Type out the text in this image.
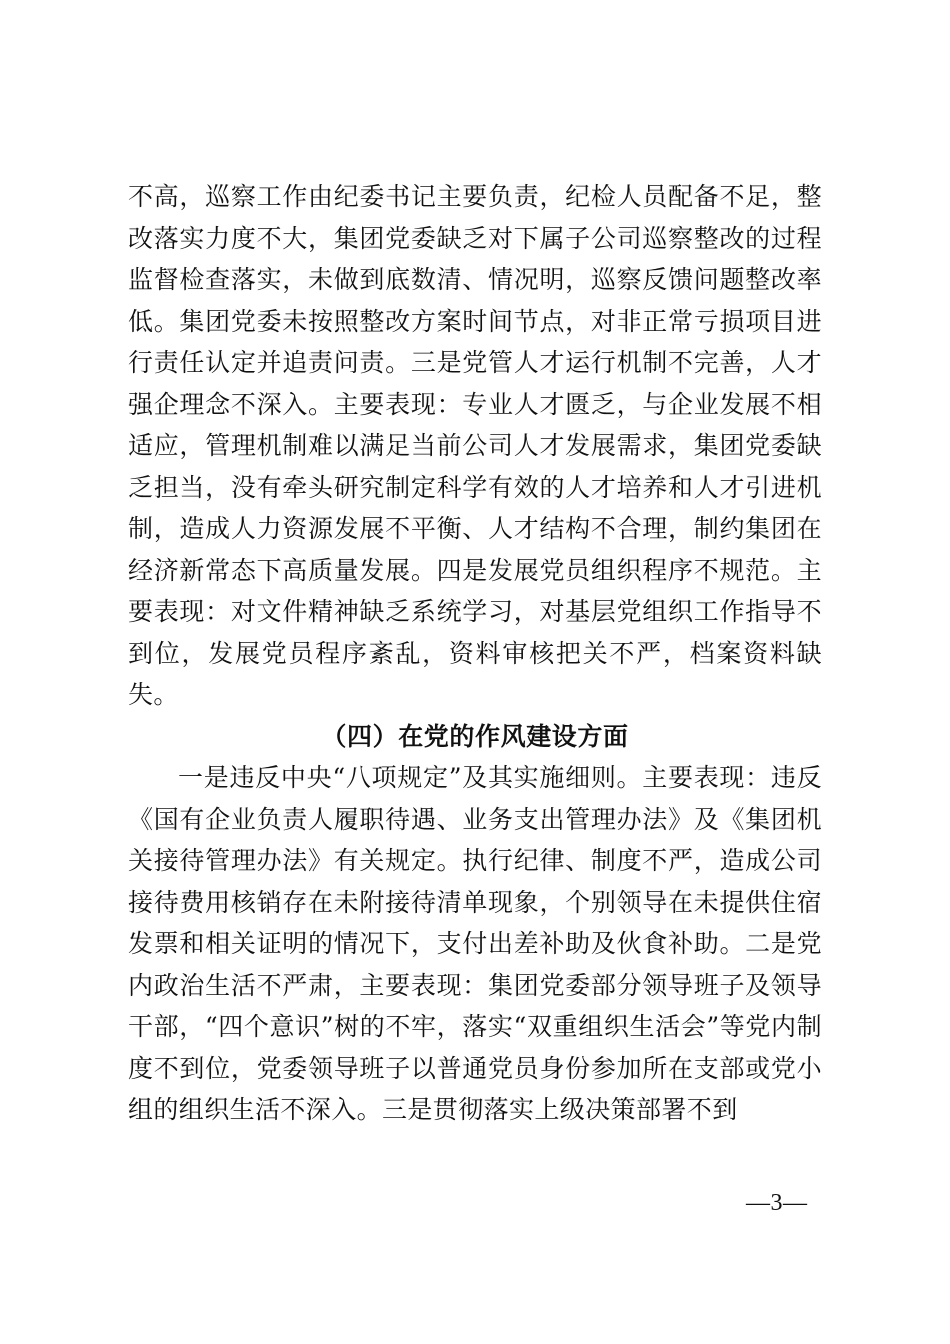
不高，巡察工作由纪委书记主要负责，纪检人员配备不足，整改落实力度不大，集团党委缺乏对下属子公司巡察整改的过程监督检查落实，未做到底数清、情况明，巡察反馈问题整改率低。集团党委未按照整改方案时间节点，对非正常亏损项目进行责任认定并追责问责。三是党管人才运行机制不完善，人才强企理念不深入。主要表现：专业人才匮乏，与企业发展不相适应，管理机制难以满足当前公司人才发展需求，集团党委缺乏担当，没有牵头研究制定科学有效的人才培养和人才引进机制，造成人力资源发展不平衡、人才结构不合理，制约集团在经济新常态下高质量发展。四是发展党员组织程序不规范。主要表现：对文件精神缺乏系统学习，对基层党组织工作指导不到位，发展党员程序紊乱，资料审核把关不严，档案资料缺失。

（四）在党的作风建设方面

一是违反中央“八项规定”及其实施细则。主要表现：违反《国有企业负责人履职待遇、业务支出管理办法》及《集团机关接待管理办法》有关规定。执行纪律、制度不严，造成公司接待费用核销存在未附接待清单现象，个别领导在未提供住宿发票和相关证明的情况下，支付出差补助及伙食补助。二是党内政治生活不严肃，主要表现：集团党委部分领导班子及领导干部，“四个意识”树的不牢，落实“双重组织生活会”等党内制度不到位，党委领导班子以普通党员身份参加所在支部或党小组的组织生活不深入。三是贯彻落实上级决策部署不到

—3—
